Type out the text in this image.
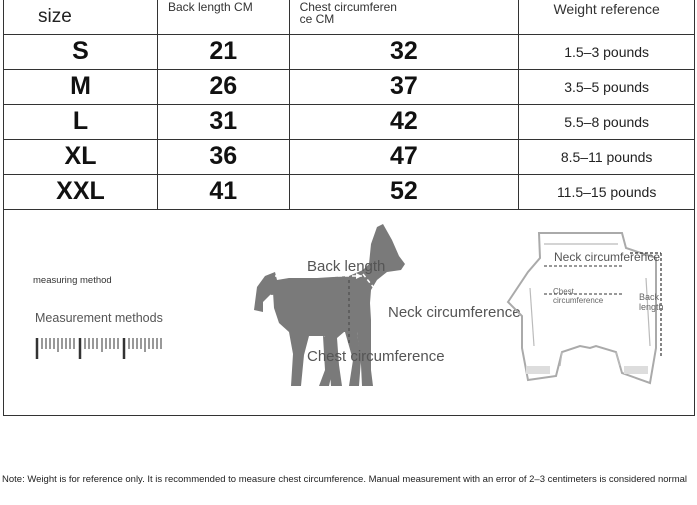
size	Back length CM	Chest circumferen ce CM	Weight reference
S	21	32	1.5–3 pounds
M	26	37	3.5–5 pounds
L	31	42	5.5–8 pounds
XL	36	47	8.5–11 pounds
XXL	41	52	11.5–15 pounds
measuring method
Measurement methods
Back length
Neck circumference
Chest circumference
Neck circumference
Chest
circumference	Back
length
Note: Weight is for reference only. It is recommended to measure chest circumference. Manual measurement with an error of 2–3 centimeters is considered normal
